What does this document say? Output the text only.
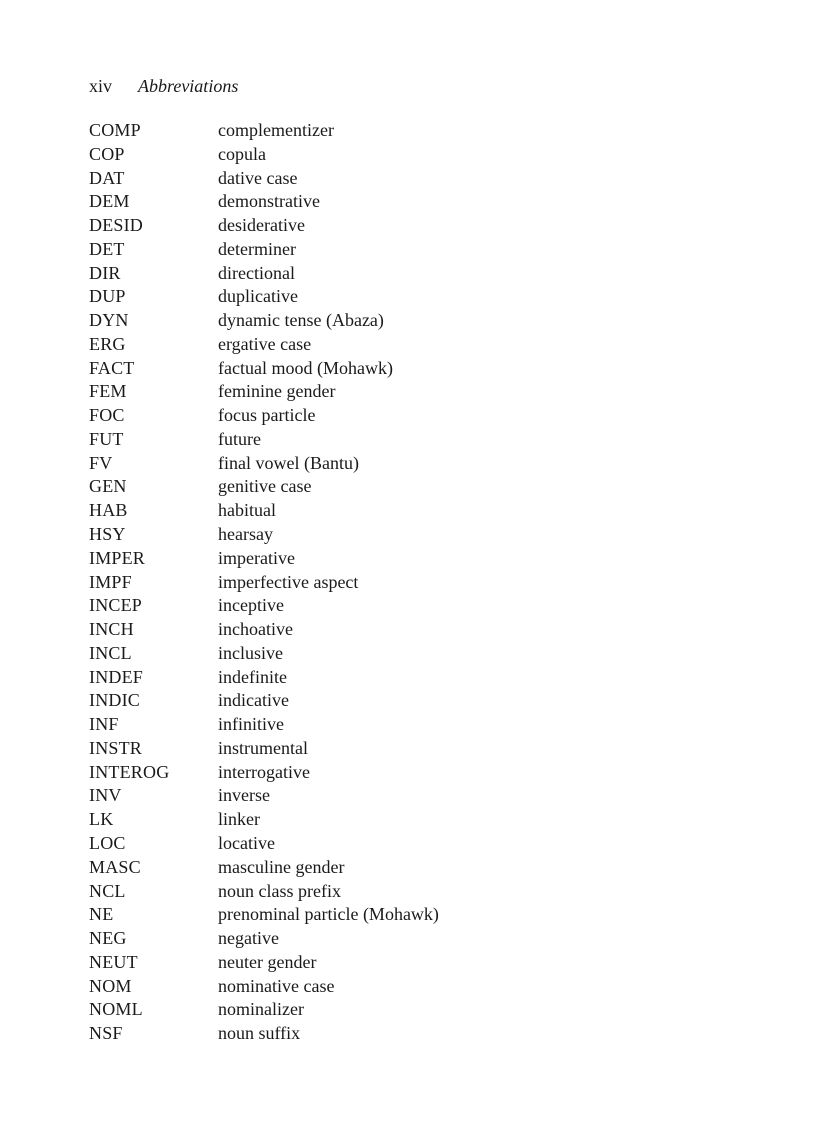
xiv Abbreviations
COMP	complementizer
COP	copula
DAT	dative case
DEM	demonstrative
DESID	desiderative
DET	determiner
DIR	directional
DUP	duplicative
DYN	dynamic tense (Abaza)
ERG	ergative case
FACT	factual mood (Mohawk)
FEM	feminine gender
FOC	focus particle
FUT	future
FV	final vowel (Bantu)
GEN	genitive case
HAB	habitual
HSY	hearsay
IMPER	imperative
IMPF	imperfective aspect
INCEP	inceptive
INCH	inchoative
INCL	inclusive
INDEF	indefinite
INDIC	indicative
INF	infinitive
INSTR	instrumental
INTEROG	interrogative
INV	inverse
LK	linker
LOC	locative
MASC	masculine gender
NCL	noun class prefix
NE	prenominal particle (Mohawk)
NEG	negative
NEUT	neuter gender
NOM	nominative case
NOML	nominalizer
NSF	noun suffix
